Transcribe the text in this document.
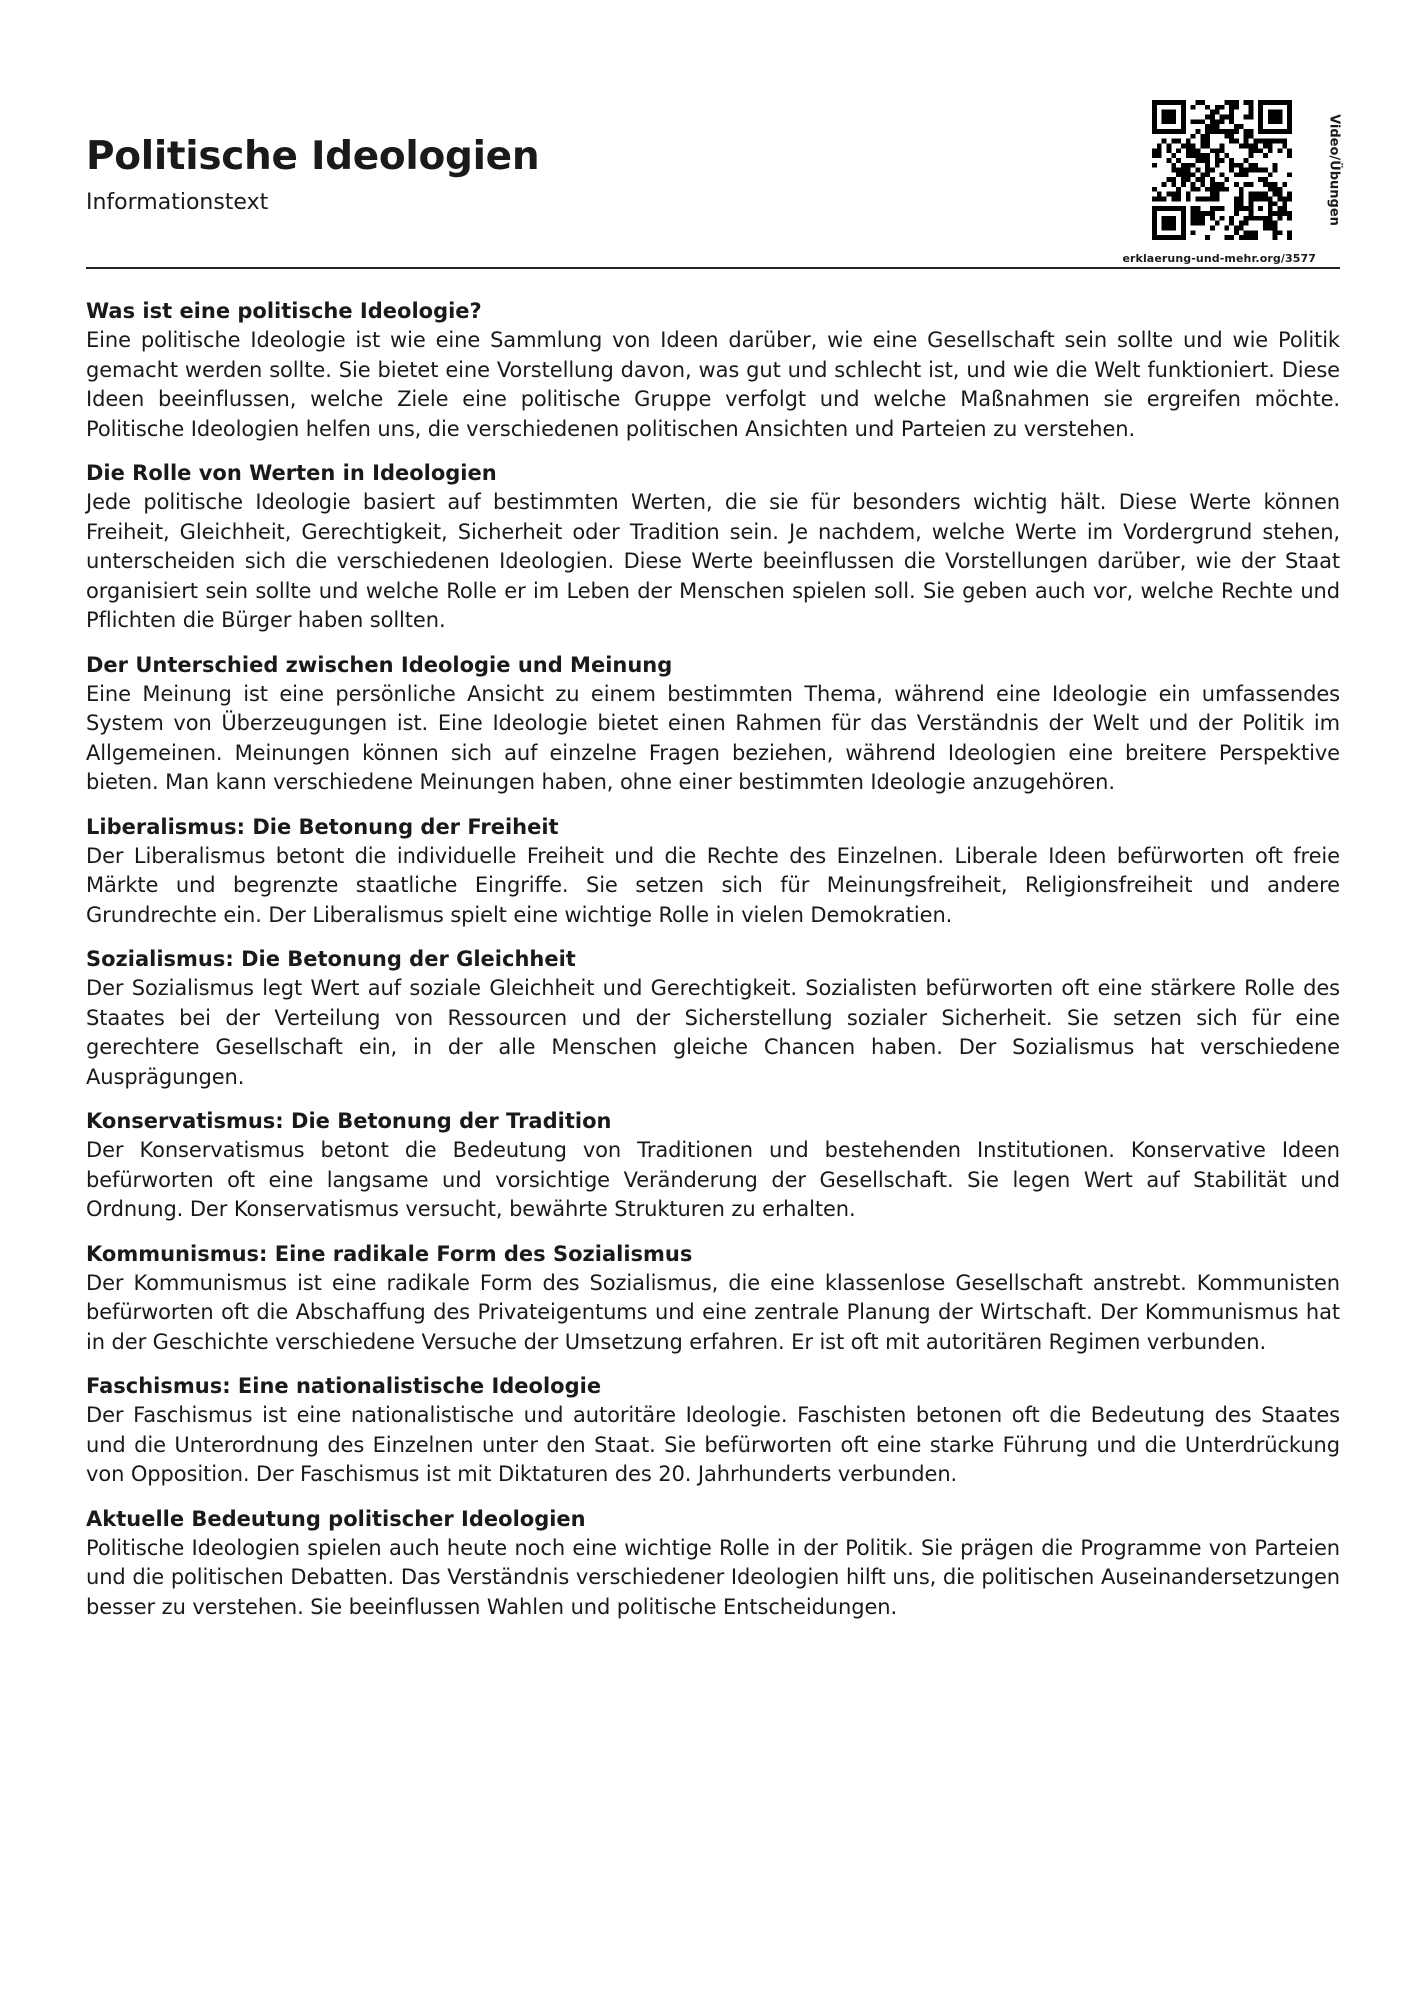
Politische Ideologien
Informationstext	Video/Übungen
erklaerung-und-mehr.org/3577
Was ist eine politische Ideologie?

Eine politische Ideologie ist wie eine Sammlung von Ideen darüber, wie eine Gesellschaft sein sollte und wie Politik gemacht werden sollte. Sie bietet eine Vorstellung davon, was gut und schlecht ist, und wie die Welt funktioniert. Diese Ideen beeinflussen, welche Ziele eine politische Gruppe verfolgt und welche Maßnahmen sie ergreifen möchte. Politische Ideologien helfen uns, die verschiedenen politischen Ansichten und Parteien zu verstehen.

Die Rolle von Werten in Ideologien

Jede politische Ideologie basiert auf bestimmten Werten, die sie für besonders wichtig hält. Diese Werte können Freiheit, Gleichheit, Gerechtigkeit, Sicherheit oder Tradition sein. Je nachdem, welche Werte im Vordergrund stehen, unterscheiden sich die verschiedenen Ideologien. Diese Werte beeinflussen die Vorstellungen darüber, wie der Staat organisiert sein sollte und welche Rolle er im Leben der Menschen spielen soll. Sie geben auch vor, welche Rechte und Pflichten die Bürger haben sollten.

Der Unterschied zwischen Ideologie und Meinung

Eine Meinung ist eine persönliche Ansicht zu einem bestimmten Thema, während eine Ideologie ein umfassendes System von Überzeugungen ist. Eine Ideologie bietet einen Rahmen für das Verständnis der Welt und der Politik im Allgemeinen. Meinungen können sich auf einzelne Fragen beziehen, während Ideologien eine breitere Perspektive bieten. Man kann verschiedene Meinungen haben, ohne einer bestimmten Ideologie anzugehören.

Liberalismus: Die Betonung der Freiheit

Der Liberalismus betont die individuelle Freiheit und die Rechte des Einzelnen. Liberale Ideen befürworten oft freie Märkte und begrenzte staatliche Eingriffe. Sie setzen sich für Meinungsfreiheit, Religionsfreiheit und andere Grundrechte ein. Der Liberalismus spielt eine wichtige Rolle in vielen Demokratien.

Sozialismus: Die Betonung der Gleichheit

Der Sozialismus legt Wert auf soziale Gleichheit und Gerechtigkeit. Sozialisten befürworten oft eine stärkere Rolle des Staates bei der Verteilung von Ressourcen und der Sicherstellung sozialer Sicherheit. Sie setzen sich für eine gerechtere Gesellschaft ein, in der alle Menschen gleiche Chancen haben. Der Sozialismus hat verschiedene Ausprägungen.

Konservatismus: Die Betonung der Tradition

Der Konservatismus betont die Bedeutung von Traditionen und bestehenden Institutionen. Konservative Ideen befürworten oft eine langsame und vorsichtige Veränderung der Gesellschaft. Sie legen Wert auf Stabilität und Ordnung. Der Konservatismus versucht, bewährte Strukturen zu erhalten.

Kommunismus: Eine radikale Form des Sozialismus

Der Kommunismus ist eine radikale Form des Sozialismus, die eine klassenlose Gesellschaft anstrebt. Kommunisten befürworten oft die Abschaffung des Privateigentums und eine zentrale Planung der Wirtschaft. Der Kommunismus hat in der Geschichte verschiedene Versuche der Umsetzung erfahren. Er ist oft mit autoritären Regimen verbunden.

Faschismus: Eine nationalistische Ideologie

Der Faschismus ist eine nationalistische und autoritäre Ideologie. Faschisten betonen oft die Bedeutung des Staates und die Unterordnung des Einzelnen unter den Staat. Sie befürworten oft eine starke Führung und die Unterdrückung von Opposition. Der Faschismus ist mit Diktaturen des 20. Jahrhunderts verbunden.

Aktuelle Bedeutung politischer Ideologien

Politische Ideologien spielen auch heute noch eine wichtige Rolle in der Politik. Sie prägen die Programme von Parteien und die politischen Debatten. Das Verständnis verschiedener Ideologien hilft uns, die politischen Auseinandersetzungen besser zu verstehen. Sie beeinflussen Wahlen und politische Entscheidungen.
